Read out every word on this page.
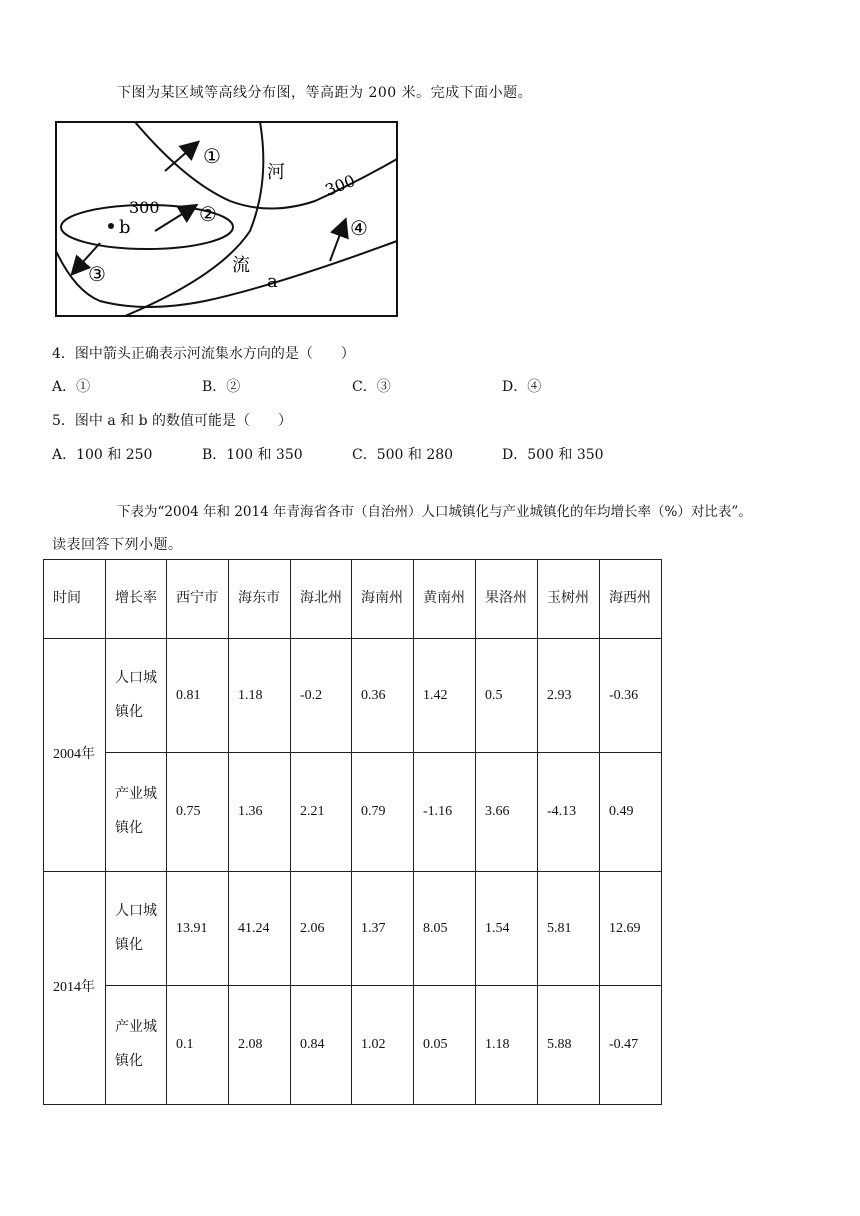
下图为某区域等高线分布图，等高距为 200 米。完成下面小题。
①
②
③
④
300
300
b
a
河
流
4．图中箭头正确表示河流集水方向的是（　　）
A．①	B．②	C．③	D．④
5．图中 a 和 b 的数值可能是（　　）
A．100 和 250	B．100 和 350	C．500 和 280	D．500 和 350
下表为“2004 年和 2014 年青海省各市（自治州）人口城镇化与产业城镇化的年均增长率（%）对比表”。
读表回答下列小题。
时间	增长率	西宁市	海东市	海北州	海南州	黄南州	果洛州	玉树州	海西州
2004年	人口城镇化	0.81	1.18	-0.2	0.36	1.42	0.5	2.93	-0.36
	产业城镇化	0.75	1.36	2.21	0.79	-1.16	3.66	-4.13	0.49
2014年	人口城镇化	13.91	41.24	2.06	1.37	8.05	1.54	5.81	12.69
	产业城镇化	0.1	2.08	0.84	1.02	0.05	1.18	5.88	-0.47
